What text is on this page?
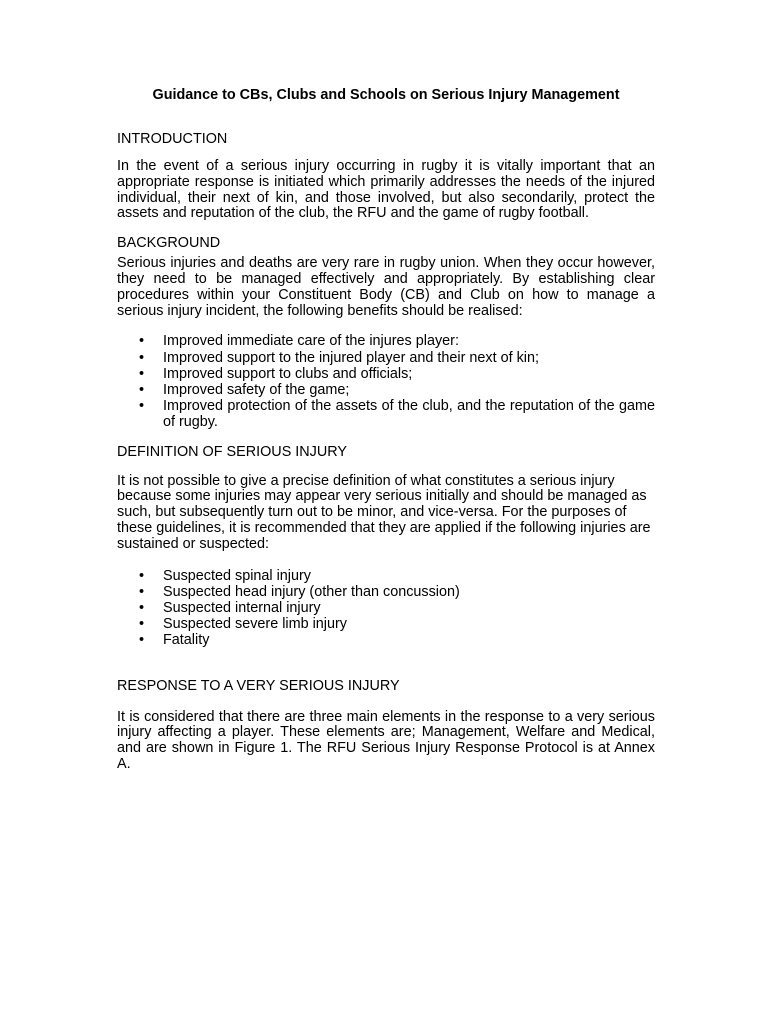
Guidance to CBs, Clubs and Schools on Serious Injury Management
INTRODUCTION

In the event of a serious injury occurring in rugby it is vitally important that an appropriate response is initiated which primarily addresses the needs of the injured individual, their next of kin, and those involved, but also secondarily, protect the assets and reputation of the club, the RFU and the game of rugby football.

BACKGROUND

Serious injuries and deaths are very rare in rugby union. When they occur however, they need to be managed effectively and appropriately. By establishing clear procedures within your Constituent Body (CB) and Club on how to manage a serious injury incident, the following benefits should be realised:

• Improved immediate care of the injures player:
• Improved support to the injured player and their next of kin;
• Improved support to clubs and officials;
• Improved safety of the game;
• Improved protection of the assets of the club, and the reputation of the game of rugby.
DEFINITION OF SERIOUS INJURY

It is not possible to give a precise definition of what constitutes a serious injury because some injuries may appear very serious initially and should be managed as such, but subsequently turn out to be minor, and vice-versa. For the purposes of these guidelines, it is recommended that they are applied if the following injuries are sustained or suspected:

• Suspected spinal injury
• Suspected head injury (other than concussion)
• Suspected internal injury
• Suspected severe limb injury
• Fatality
RESPONSE TO A VERY SERIOUS INJURY

It is considered that there are three main elements in the response to a very serious injury affecting a player. These elements are; Management, Welfare and Medical, and are shown in Figure 1. The RFU Serious Injury Response Protocol is at Annex A.
